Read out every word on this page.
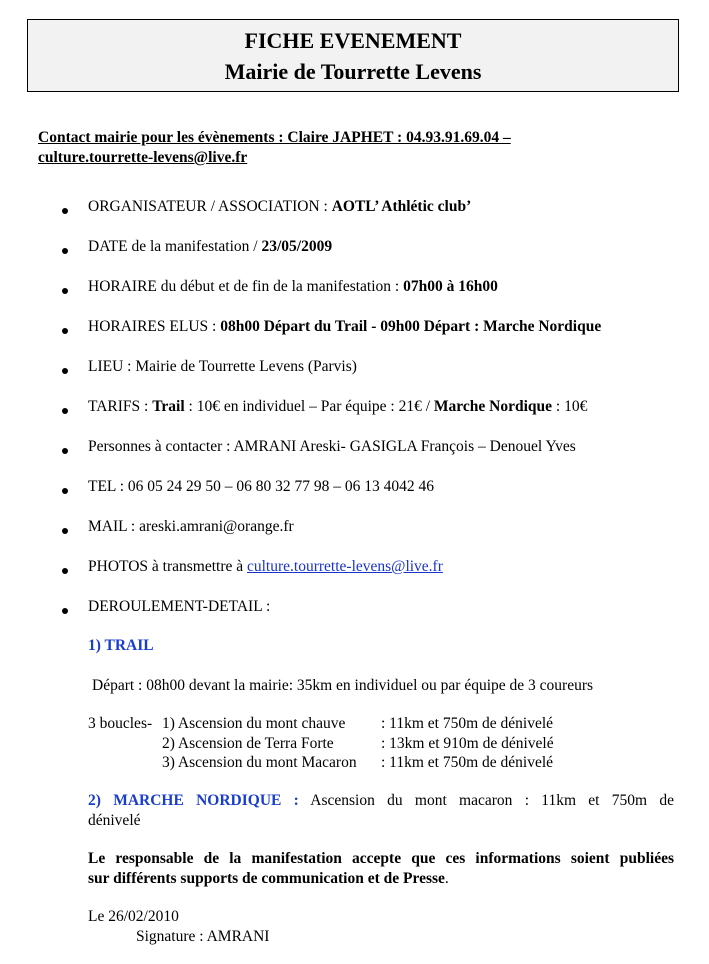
FICHE EVENEMENT
Mairie de Tourrette Levens
Contact mairie pour les évènements : Claire JAPHET : 04.93.91.69.04 –
culture.tourrette-levens@live.fr
ORGANISATEUR / ASSOCIATION : AOTL’ Athlétic club’
DATE de la manifestation / 23/05/2009
HORAIRE du début et de fin de la manifestation : 07h00 à 16h00
HORAIRES ELUS : 08h00 Départ du Trail - 09h00 Départ : Marche Nordique
LIEU : Mairie de Tourrette Levens (Parvis)
TARIFS : Trail : 10€ en individuel – Par équipe : 21€ / Marche Nordique : 10€
Personnes à contacter : AMRANI Areski- GASIGLA François – Denouel Yves
TEL : 06 05 24 29 50 – 06 80 32 77 98 – 06 13 4042 46
MAIL : areski.amrani@orange.fr
PHOTOS à transmettre à culture.tourrette-levens@live.fr
DEROULEMENT-DETAIL :
1) TRAIL
Départ : 08h00 devant la mairie: 35km en individuel ou par équipe de 3 coureurs
3 boucles- 1) Ascension du mont chauve : 11km et 750m de dénivelé
2) Ascension de Terra Forte	: 13km et 910m de dénivelé
3) Ascension du mont Macaron : 11km et 750m de dénivelé
2) MARCHE NORDIQUE : Ascension du mont macaron : 11km et 750m de
dénivelé
Le responsable de la manifestation accepte que ces informations soient publiées
sur différents supports de communication et de Presse.
Le 26/02/2010
Signature : AMRANI
